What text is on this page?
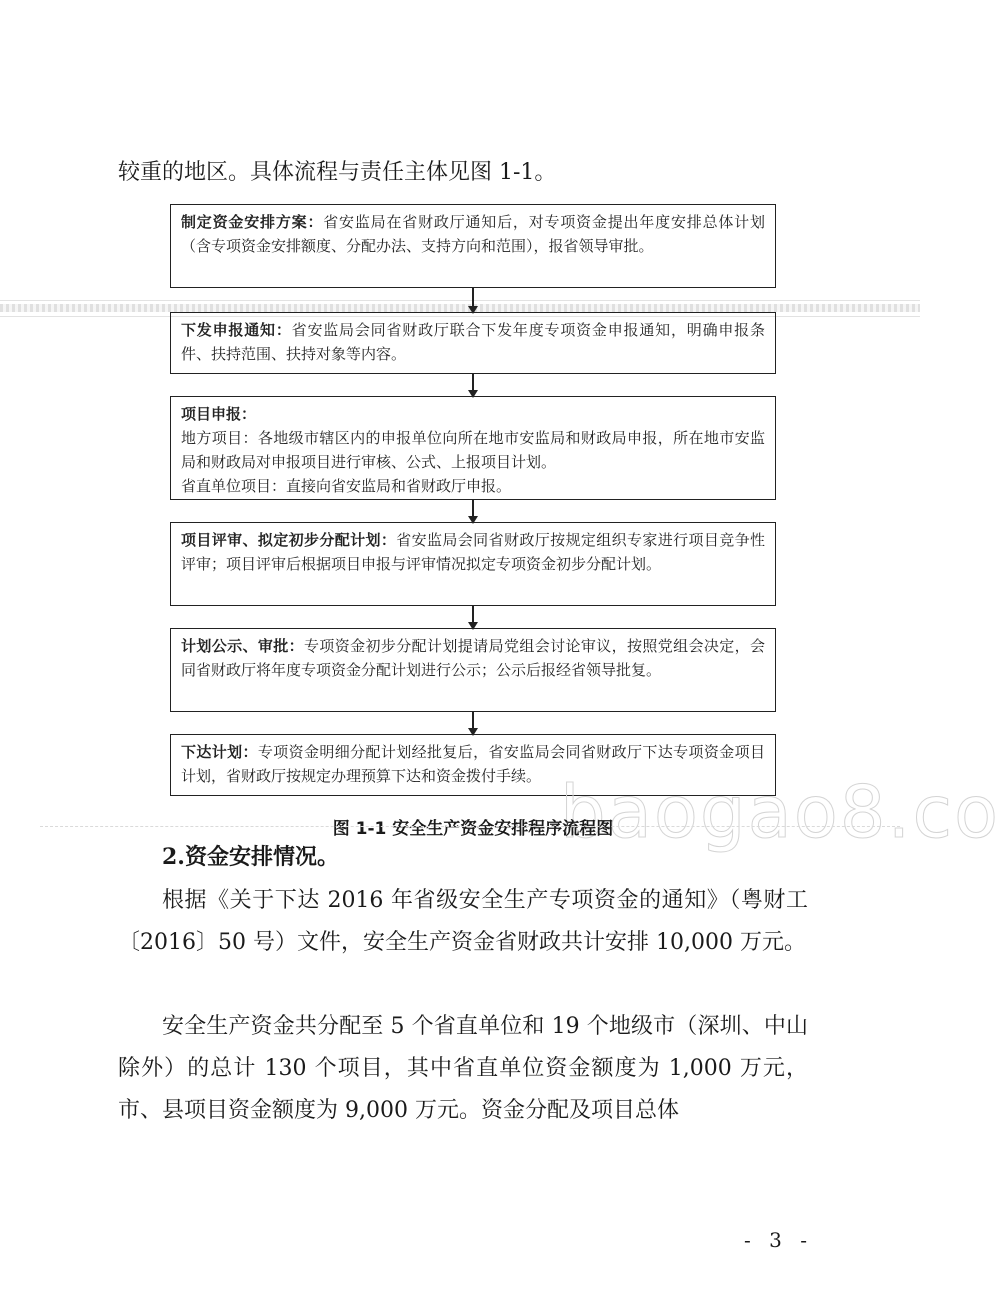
较重的地区。具体流程与责任主体见图 1-1。

制定资金安排方案：省安监局在省财政厅通知后，对专项资金提出年度安排总体计划（含专项资金安排额度、分配办法、支持方向和范围），报省领导审批。
下发申报通知：省安监局会同省财政厅联合下发年度专项资金申报通知，明确申报条件、扶持范围、扶持对象等内容。
项目申报：
地方项目：各地级市辖区内的申报单位向所在地市安监局和财政局申报，所在地市安监局和财政局对申报项目进行审核、公式、上报项目计划。
省直单位项目：直接向省安监局和省财政厅申报。
项目评审、拟定初步分配计划：省安监局会同省财政厅按规定组织专家进行项目竞争性评审；项目评审后根据项目申报与评审情况拟定专项资金初步分配计划。
计划公示、审批：专项资金初步分配计划提请局党组会讨论审议，按照党组会决定，会同省财政厅将年度专项资金分配计划进行公示；公示后报经省领导批复。
下达计划：专项资金明细分配计划经批复后，省安监局会同省财政厅下达专项资金项目计划，省财政厅按规定办理预算下达和资金拨付手续。 baogao8.co
图 1-1 安全生产资金安排程序流程图
2.资金安排情况。

根据《关于下达 2016 年省级安全生产专项资金的通知》（粤财工〔2016〕50 号）文件，安全生产资金省财政共计安排 10,000 万元。

安全生产资金共分配至 5 个省直单位和 19 个地级市（深圳、中山除外）的总计 130 个项目，其中省直单位资金额度为 1,000 万元，市、县项目资金额度为 9,000 万元。资金分配及项目总体

- 3 -
